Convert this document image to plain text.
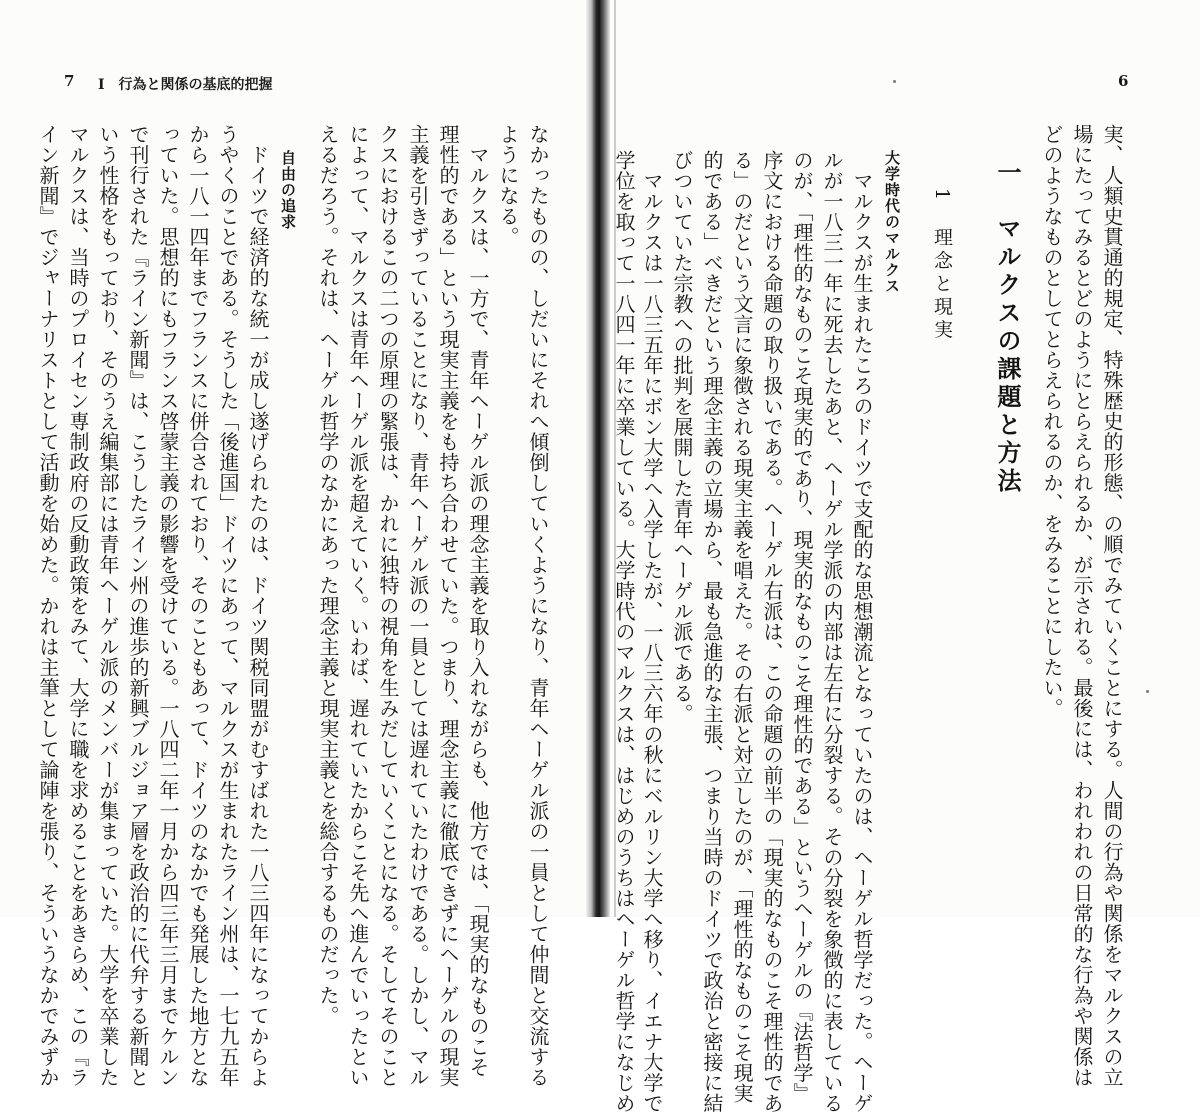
6
実、人類史貫通的規定、特殊歴史的形態、の順でみていくことにする。人間の行為や関係をマルクスの立
場にたってみるとどのようにとらえられるか、が示される。最後には、われわれの日常的な行為や関係は
どのようなものとしてとらえられるのか、をみることにしたい。
一　マルクスの課題と方法
1　理念と現実
大学時代のマルクス
　マルクスが生まれたころのドイツで支配的な思想潮流となっていたのは、ヘーゲル哲学だった。ヘーゲ
ルが一八三一年に死去したあと、ヘーゲル学派の内部は左右に分裂する。その分裂を象徴的に表している
のが、「理性的なものこそ現実的であり、現実的なものこそ理性的である」というヘーゲルの『法哲学』
序文における命題の取り扱いである。ヘーゲル右派は、この命題の前半の「現実的なものこそ理性的であ
る」のだという文言に象徴される現実主義を唱えた。その右派と対立したのが、「理性的なものこそ現実
的である」べきだという理念主義の立場から、最も急進的な主張、つまり当時のドイツで政治と密接に結
びついていた宗教への批判を展開した青年ヘーゲル派である。
　マルクスは一八三五年にボン大学へ入学したが、一八三六年の秋にベルリン大学へ移り、イエナ大学で
学位を取って一八四一年に卒業している。大学時代のマルクスは、はじめのうちはヘーゲル哲学になじめ
7 Ⅰ　行為と関係の基底的把握
なかったものの、しだいにそれへ傾倒していくようになり、青年ヘーゲル派の一員として仲間と交流する
ようになる。
　マルクスは、一方で、青年ヘーゲル派の理念主義を取り入れながらも、他方では、「現実的なものこそ
理性的である」という現実主義をも持ち合わせていた。つまり、理念主義に徹底できずにヘーゲルの現実
主義を引きずっていることになり、青年ヘーゲル派の一員としては遅れていたわけである。しかし、マル
クスにおけるこの二つの原理の緊張は、かれに独特の視角を生みだしていくことになる。そしてそのこと
によって、マルクスは青年ヘーゲル派を超えていく。いわば、遅れていたからこそ先へ進んでいったとい
えるだろう。それは、ヘーゲル哲学のなかにあった理念主義と現実主義とを総合するものだった。
自由の追求
　ドイツで経済的な統一が成し遂げられたのは、ドイツ関税同盟がむすばれた一八三四年になってからよ
うやくのことである。そうした「後進国」ドイツにあって、マルクスが生まれたライン州は、一七九五年
から一八一四年までフランスに併合されており、そのこともあって、ドイツのなかでも発展した地方とな
っていた。思想的にもフランス啓蒙主義の影響を受けている。一八四二年一月から四三年三月までケルン
で刊行された『ライン新聞』は、こうしたライン州の進歩的新興ブルジョア層を政治的に代弁する新聞と
いう性格をもっており、そのうえ編集部には青年ヘーゲル派のメンバーが集まっていた。大学を卒業した
マルクスは、当時のプロイセン専制政府の反動政策をみて、大学に職を求めることをあきらめ、この『ラ
イン新聞』でジャーナリストとして活動を始めた。かれは主筆として論陣を張り、そういうなかでみずか
